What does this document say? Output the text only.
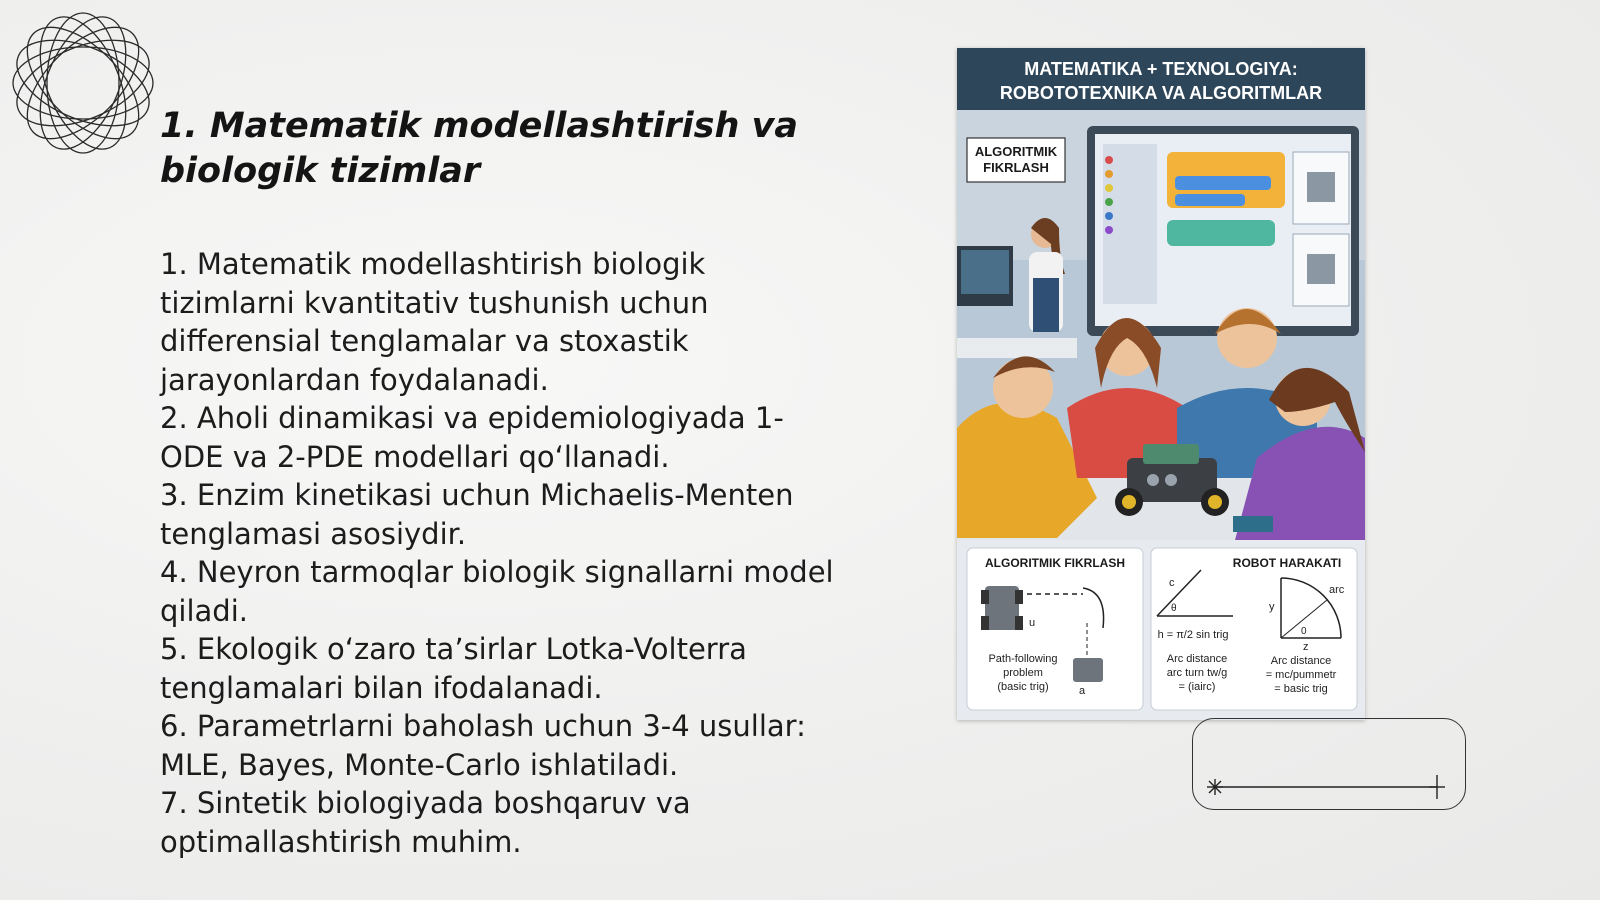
1. Matematik modellashtirish va biologik tizimlar

1. Matematik modellashtirish biologik tizimlarni kvantitativ tushunish uchun differensial tenglamalar va stoxastik jarayonlardan foydalanadi.

2. Aholi dinamikasi va epidemiologiyada 1-ODE va 2-PDE modellari qo‘llanadi.

3. Enzim kinetikasi uchun Michaelis-Menten tenglamasi asosiydir.

4. Neyron tarmoqlar biologik signallarni model qiladi.

5. Ekologik o‘zaro ta’sirlar Lotka-Volterra tenglamalari bilan ifodalanadi.

6. Parametrlarni baholash uchun 3-4 usullar: MLE, Bayes, Monte-Carlo ishlatiladi.

7. Sintetik biologiyada boshqaruv va optimallashtirish muhim.

MATEMATIKA + TEXNOLOGIYA:
ROBOTOTEXNIKA VA ALGORITMLAR
ALGORITMIK
FIKRLASH
ALGORITMIK FIKRLASH
u
a
Path-following
problem
(basic trig)
ROBOT HARAKATI
c
θ
h = π/2 sin trig
arc
y
0
z
Arc distance
arc turn tw/g
= (iairc)
Arc distance
= mc/pummetr
= basic trig
